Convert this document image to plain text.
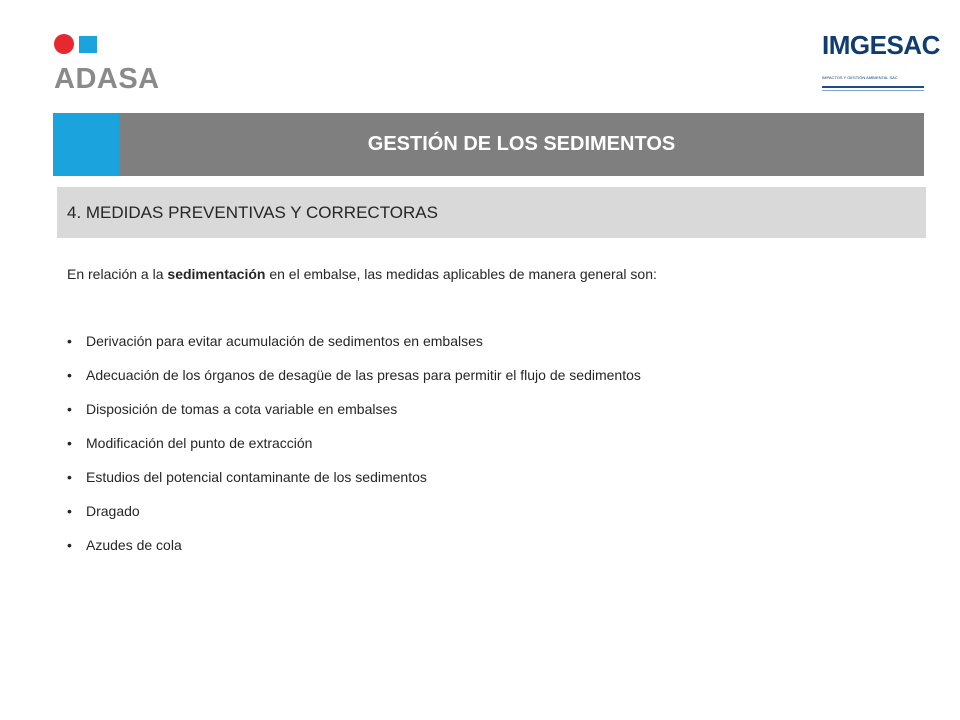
ADASA
IMGESAC
IMPACTOS Y GESTIÓN AMBIENTAL SAC
GESTIÓN DE LOS SEDIMENTOS
4. MEDIDAS PREVENTIVAS Y CORRECTORAS

En relación a la sedimentación en el embalse, las medidas aplicables de manera general son:

• Derivación para evitar acumulación de sedimentos en embalses
• Adecuación de los órganos de desagüe de las presas para permitir el flujo de sedimentos
• Disposición de tomas a cota variable en embalses
• Modificación del punto de extracción
• Estudios del potencial contaminante de los sedimentos
• Dragado
• Azudes de cola
